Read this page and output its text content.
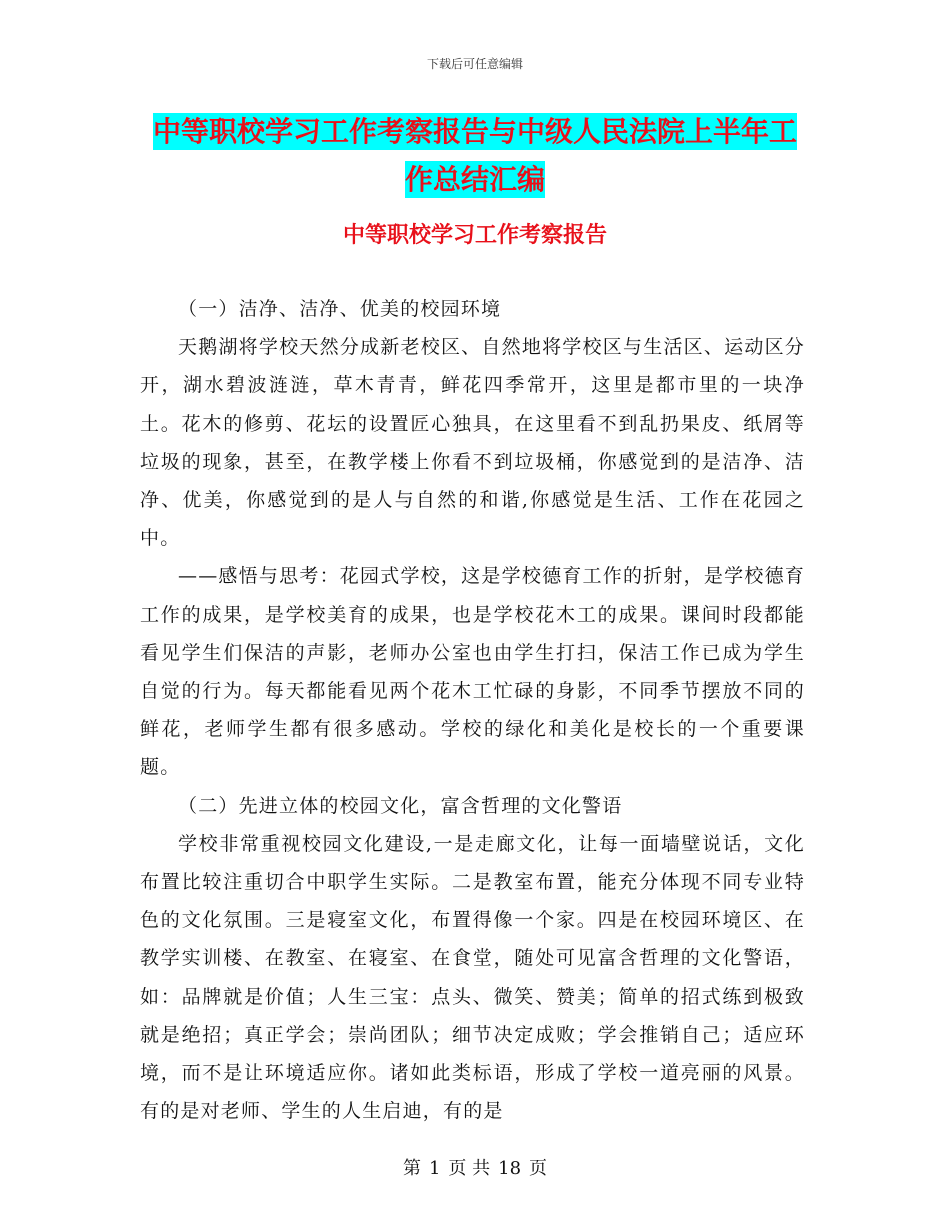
下载后可任意编辑
中等职校学习工作考察报告与中级人民法院上半年工作总结汇编
中等职校学习工作考察报告

（一）洁净、洁净、优美的校园环境

天鹅湖将学校天然分成新老校区、自然地将学校区与生活区、运动区分开，湖水碧波涟涟，草木青青，鲜花四季常开，这里是都市里的一块净土。花木的修剪、花坛的设置匠心独具，在这里看不到乱扔果皮、纸屑等垃圾的现象，甚至，在教学楼上你看不到垃圾桶，你感觉到的是洁净、洁净、优美，你感觉到的是人与自然的和谐,你感觉是生活、工作在花园之中。

——感悟与思考：花园式学校，这是学校德育工作的折射，是学校德育工作的成果，是学校美育的成果，也是学校花木工的成果。课间时段都能看见学生们保洁的声影，老师办公室也由学生打扫，保洁工作已成为学生自觉的行为。每天都能看见两个花木工忙碌的身影，不同季节摆放不同的鲜花，老师学生都有很多感动。学校的绿化和美化是校长的一个重要课题。

（二）先进立体的校园文化，富含哲理的文化警语

学校非常重视校园文化建设,一是走廊文化，让每一面墙壁说话，文化布置比较注重切合中职学生实际。二是教室布置，能充分体现不同专业特色的文化氛围。三是寝室文化，布置得像一个家。四是在校园环境区、在教学实训楼、在教室、在寝室、在食堂，随处可见富含哲理的文化警语，如：品牌就是价值；人生三宝：点头、微笑、赞美；简单的招式练到极致就是绝招；真正学会；崇尚团队；细节决定成败；学会推销自己；适应环境，而不是让环境适应你。诸如此类标语，形成了学校一道亮丽的风景。有的是对老师、学生的人生启迪，有的是

第 1 页 共 18 页
